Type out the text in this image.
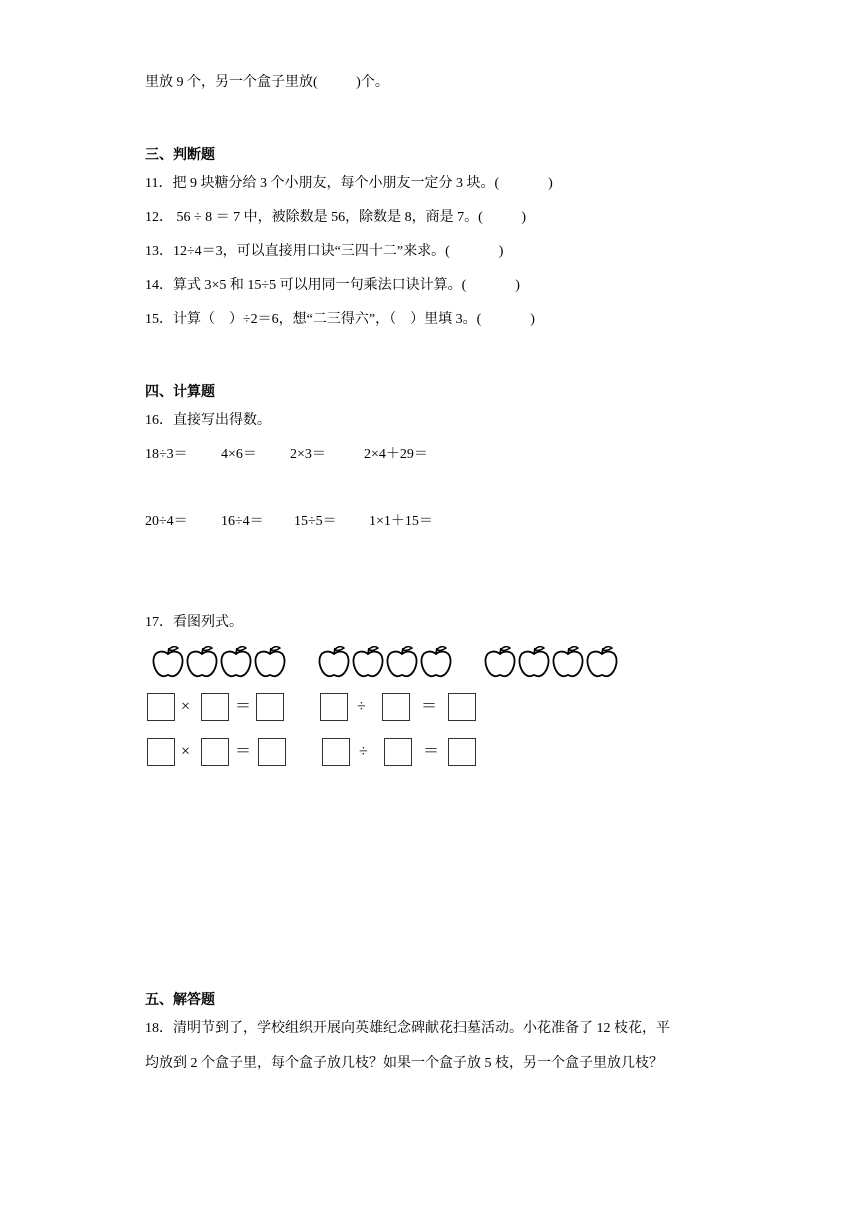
里放 9 个，另一个盒子里放(           )个。
三、判断题
11．把 9 块糖分给 3 个小朋友，每个小朋友一定分 3 块。(              )
12． 56 ÷ 8 ＝ 7 中，被除数是 56，除数是 8，商是 7。(           )
13．12÷4＝3，可以直接用口诀“三四十二”来求。(              )
14．算式 3×5 和 15÷5 可以用同一句乘法口诀计算。(              )
15．计算（    ）÷2＝6，想“二三得六”，（    ）里填 3。(              )
四、计算题
16．直接写出得数。
18÷3＝ 4×6＝ 2×3＝	2×4＋29＝
20÷4＝ 16÷4＝ 15÷5＝ 1×1＋15＝
17．看图列式。
×	＝	÷	＝
×	＝	÷	＝
五、解答题
18．清明节到了，学校组织开展向英雄纪念碑献花扫墓活动。小花准备了 12 枝花，平
均放到 2 个盒子里，每个盒子放几枝？如果一个盒子放 5 枝，另一个盒子里放几枝？
